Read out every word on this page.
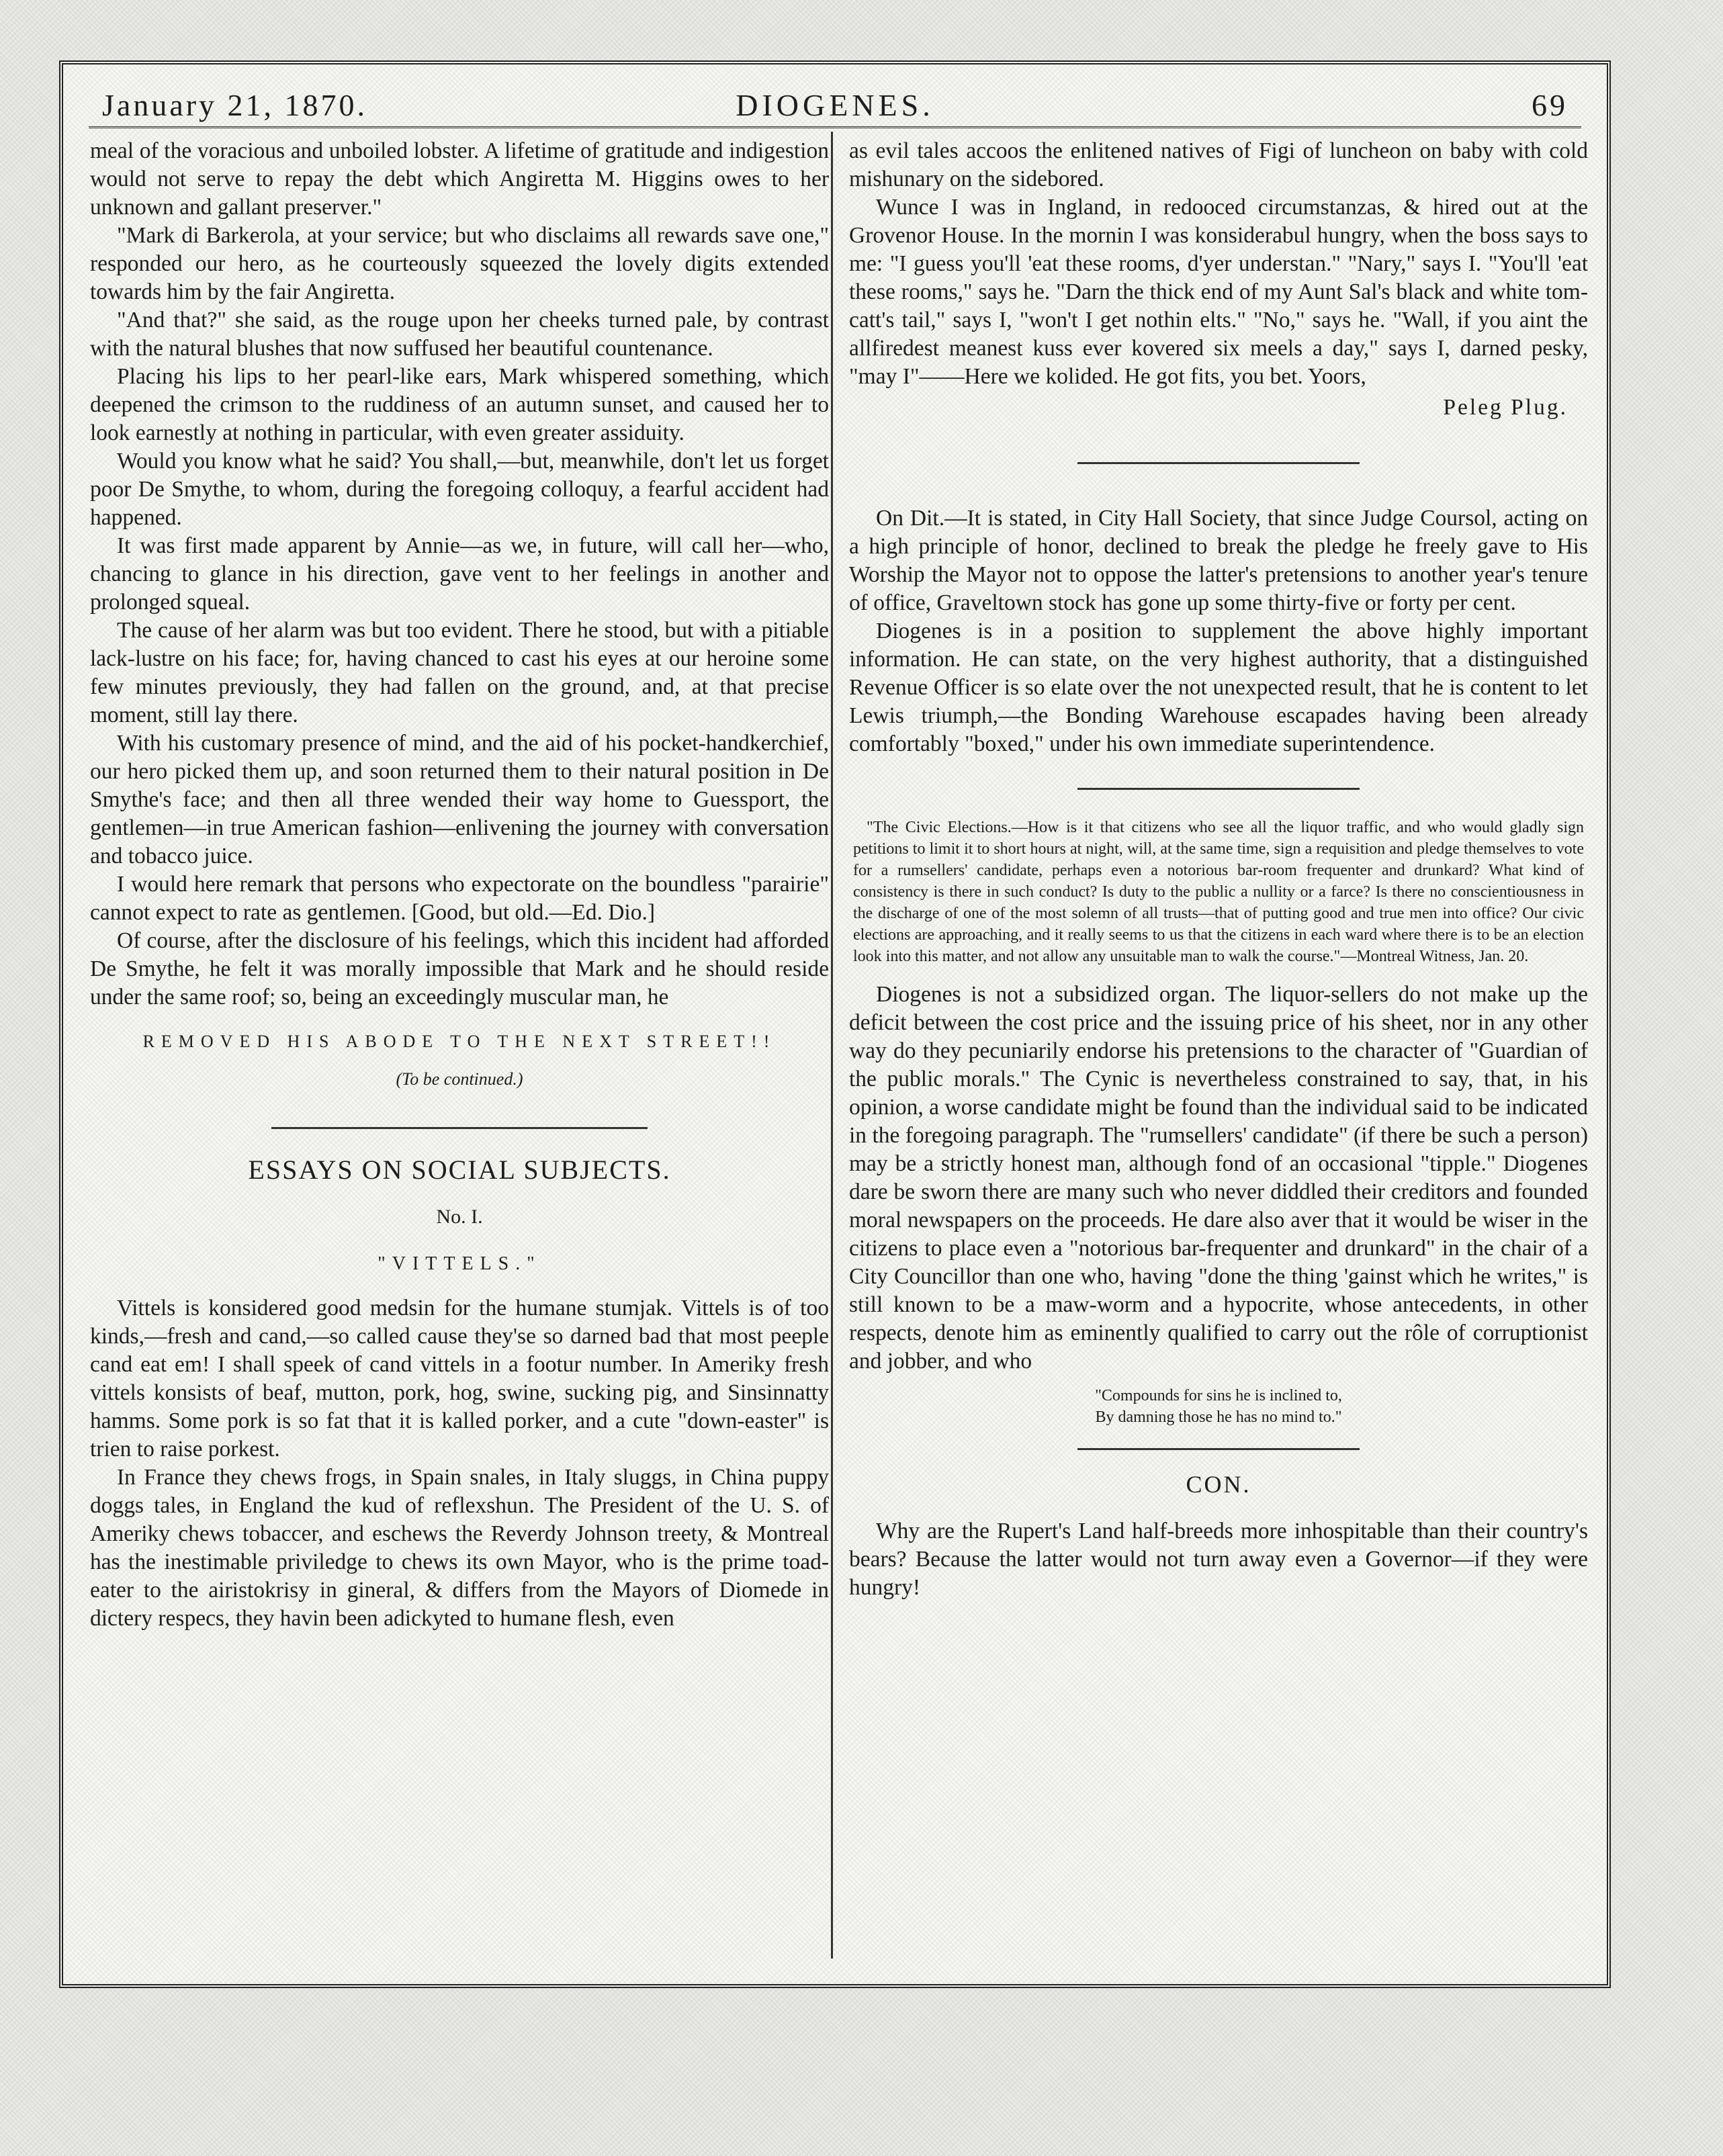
January 21, 1870.	DIOGENES.	69

meal of the voracious and unboiled lobster. A lifetime of gratitude and indigestion would not serve to repay the debt which Angiretta M. Higgins owes to her unknown and gallant preserver."

"Mark di Barkerola, at your service; but who disclaims all rewards save one," responded our hero, as he courteously squeezed the lovely digits extended towards him by the fair Angiretta.

"And that?" she said, as the rouge upon her cheeks turned pale, by contrast with the natural blushes that now suffused her beautiful countenance.

Placing his lips to her pearl-like ears, Mark whispered something, which deepened the crimson to the ruddiness of an autumn sunset, and caused her to look earnestly at nothing in particular, with even greater assiduity.

Would you know what he said? You shall,—but, meanwhile, don't let us forget poor De Smythe, to whom, during the foregoing colloquy, a fearful accident had happened.

It was first made apparent by Annie—as we, in future, will call her—who, chancing to glance in his direction, gave vent to her feelings in another and prolonged squeal.

The cause of her alarm was but too evident. There he stood, but with a pitiable lack-lustre on his face; for, having chanced to cast his eyes at our heroine some few minutes previously, they had fallen on the ground, and, at that precise moment, still lay there.

With his customary presence of mind, and the aid of his pocket-handkerchief, our hero picked them up, and soon returned them to their natural position in De Smythe's face; and then all three wended their way home to Guessport, the gentlemen—in true American fashion—enlivening the journey with conversation and tobacco juice.

I would here remark that persons who expectorate on the boundless "parairie" cannot expect to rate as gentlemen. [Good, but old.—Ed. Dio.]

Of course, after the disclosure of his feelings, which this incident had afforded De Smythe, he felt it was morally impossible that Mark and he should reside under the same roof; so, being an exceedingly muscular man, he

REMOVED HIS ABODE TO THE NEXT STREET!!
(To be continued.)
ESSAYS ON SOCIAL SUBJECTS.
No. I.
"VITTELS."

Vittels is konsidered good medsin for the humane stumjak. Vittels is of too kinds,—fresh and cand,—so called cause they'se so darned bad that most peeple cand eat em! I shall speek of cand vittels in a footur number. In Ameriky fresh vittels konsists of beaf, mutton, pork, hog, swine, sucking pig, and Sinsinnatty hamms. Some pork is so fat that it is kalled porker, and a cute "down-easter" is trien to raise porkest.

In France they chews frogs, in Spain snales, in Italy sluggs, in China puppy doggs tales, in England the kud of reflexshun. The President of the U. S. of Ameriky chews tobaccer, and eschews the Reverdy Johnson treety, & Montreal has the inestimable priviledge to chews its own Mayor, who is the prime toad-eater to the airistokrisy in gineral, & differs from the Mayors of Diomede in dictery respecs, they havin been adickyted to humane flesh, even

as evil tales accoos the enlitened natives of Figi of luncheon on baby with cold mishunary on the sidebored.

Wunce I was in Ingland, in redooced circumstanzas, & hired out at the Grovenor House. In the mornin I was konsiderabul hungry, when the boss says to me: "I guess you'll 'eat these rooms, d'yer understan." "Nary," says I. "You'll 'eat these rooms," says he. "Darn the thick end of my Aunt Sal's black and white tom-catt's tail," says I, "won't I get nothin elts." "No," says he. "Wall, if you aint the allfiredest meanest kuss ever kovered six meels a day," says I, darned pesky, "may I"——Here we kolided. He got fits, you bet. Yoors,

Peleg Plug.

On Dit.—It is stated, in City Hall Society, that since Judge Coursol, acting on a high principle of honor, declined to break the pledge he freely gave to His Worship the Mayor not to oppose the latter's pretensions to another year's tenure of office, Graveltown stock has gone up some thirty-five or forty per cent.

Diogenes is in a position to supplement the above highly important information. He can state, on the very highest authority, that a distinguished Revenue Officer is so elate over the not unexpected result, that he is content to let Lewis triumph,—the Bonding Warehouse escapades having been already comfortably "boxed," under his own immediate superintendence.

"The Civic Elections.—How is it that citizens who see all the liquor traffic, and who would gladly sign petitions to limit it to short hours at night, will, at the same time, sign a requisition and pledge themselves to vote for a rumsellers' candidate, perhaps even a notorious bar-room frequenter and drunkard? What kind of consistency is there in such conduct? Is duty to the public a nullity or a farce? Is there no conscientiousness in the discharge of one of the most solemn of all trusts—that of putting good and true men into office? Our civic elections are approaching, and it really seems to us that the citizens in each ward where there is to be an election look into this matter, and not allow any unsuitable man to walk the course."—Montreal Witness, Jan. 20.

Diogenes is not a subsidized organ. The liquor-sellers do not make up the deficit between the cost price and the issuing price of his sheet, nor in any other way do they pecuniarily endorse his pretensions to the character of "Guardian of the public morals." The Cynic is nevertheless constrained to say, that, in his opinion, a worse candidate might be found than the individual said to be indicated in the foregoing paragraph. The "rumsellers' candidate" (if there be such a person) may be a strictly honest man, although fond of an occasional "tipple." Diogenes dare be sworn there are many such who never diddled their creditors and founded moral newspapers on the proceeds. He dare also aver that it would be wiser in the citizens to place even a "notorious bar-frequenter and drunkard" in the chair of a City Councillor than one who, having "done the thing 'gainst which he writes," is still known to be a maw-worm and a hypocrite, whose antecedents, in other respects, denote him as eminently qualified to carry out the rôle of corruptionist and jobber, and who

"Compounds for sins he is inclined to,
By damning those he has no mind to."
CON.

Why are the Rupert's Land half-breeds more inhospitable than their country's bears? Because the latter would not turn away even a Governor—if they were hungry!
